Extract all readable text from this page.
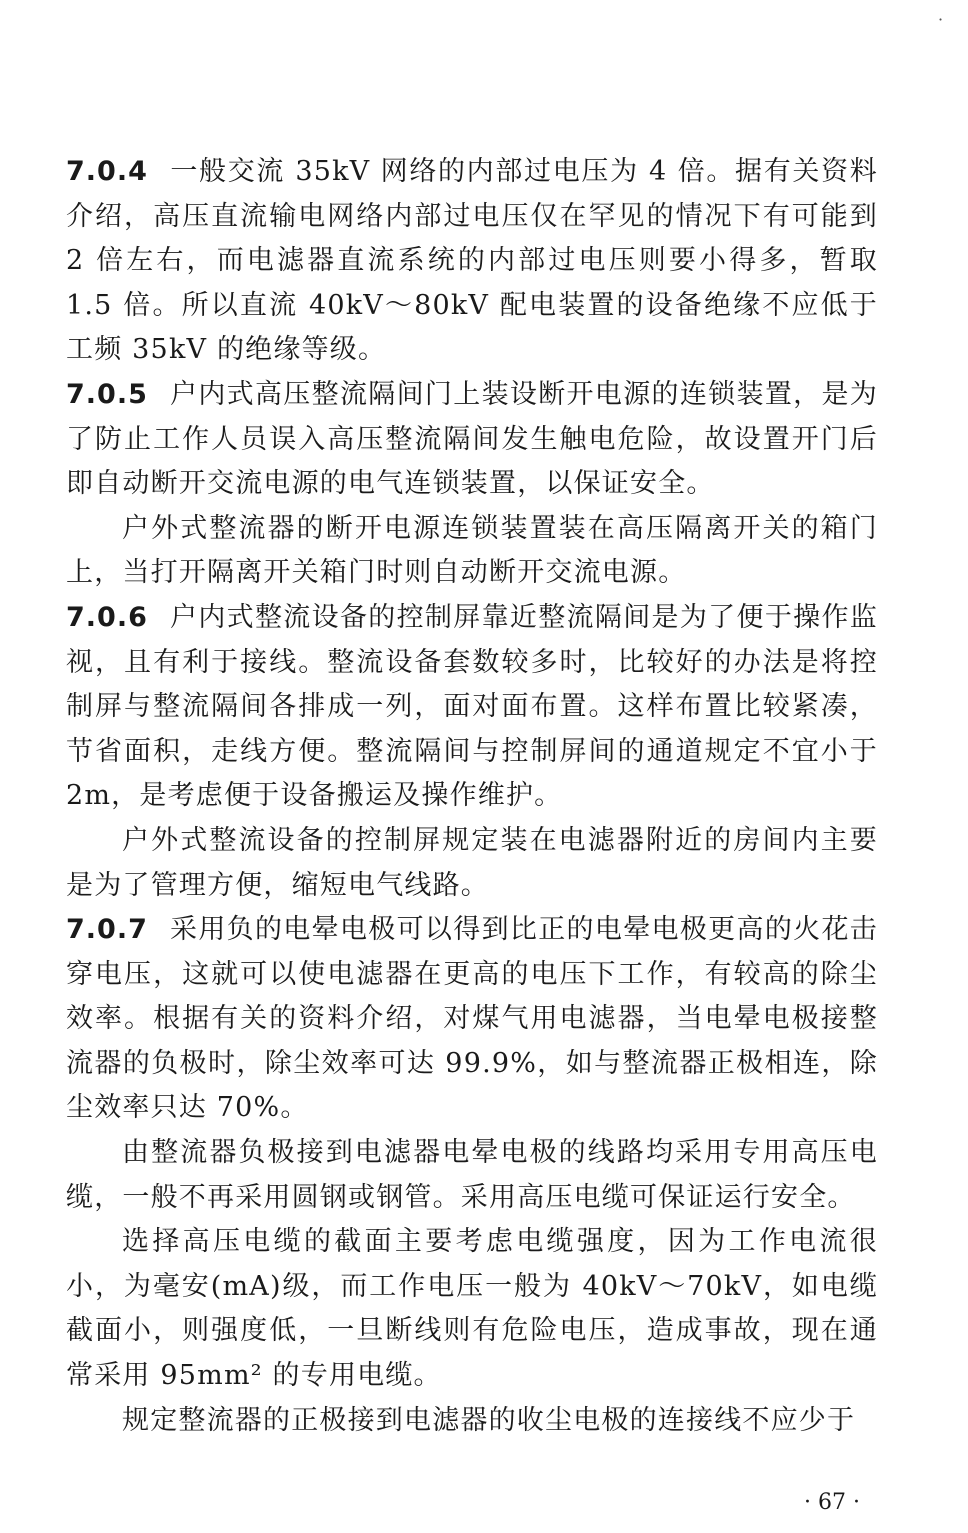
·

7.0.4 一般交流 35kV 网络的内部过电压为 4 倍。据有关资料介绍，高压直流输电网络内部过电压仅在罕见的情况下有可能到 2 倍左右，而电滤器直流系统的内部过电压则要小得多，暂取 1.5 倍。所以直流 40kV～80kV 配电装置的设备绝缘不应低于工频 35kV 的绝缘等级。

7.0.5 户内式高压整流隔间门上装设断开电源的连锁装置，是为了防止工作人员误入高压整流隔间发生触电危险，故设置开门后即自动断开交流电源的电气连锁装置，以保证安全。

户外式整流器的断开电源连锁装置装在高压隔离开关的箱门上，当打开隔离开关箱门时则自动断开交流电源。

7.0.6 户内式整流设备的控制屏靠近整流隔间是为了便于操作监视，且有利于接线。整流设备套数较多时，比较好的办法是将控制屏与整流隔间各排成一列，面对面布置。这样布置比较紧凑，节省面积，走线方便。整流隔间与控制屏间的通道规定不宜小于 2m，是考虑便于设备搬运及操作维护。

户外式整流设备的控制屏规定装在电滤器附近的房间内主要是为了管理方便，缩短电气线路。

7.0.7 采用负的电晕电极可以得到比正的电晕电极更高的火花击穿电压，这就可以使电滤器在更高的电压下工作，有较高的除尘效率。根据有关的资料介绍，对煤气用电滤器，当电晕电极接整流器的负极时，除尘效率可达 99.9%，如与整流器正极相连，除尘效率只达 70%。

由整流器负极接到电滤器电晕电极的线路均采用专用高压电缆，一般不再采用圆钢或钢管。采用高压电缆可保证运行安全。

选择高压电缆的截面主要考虑电缆强度，因为工作电流很小，为毫安(mA)级，而工作电压一般为 40kV～70kV，如电缆截面小，则强度低，一旦断线则有危险电压，造成事故，现在通常采用 95mm² 的专用电缆。

规定整流器的正极接到电滤器的收尘电极的连接线不应少于

· 67 ·
